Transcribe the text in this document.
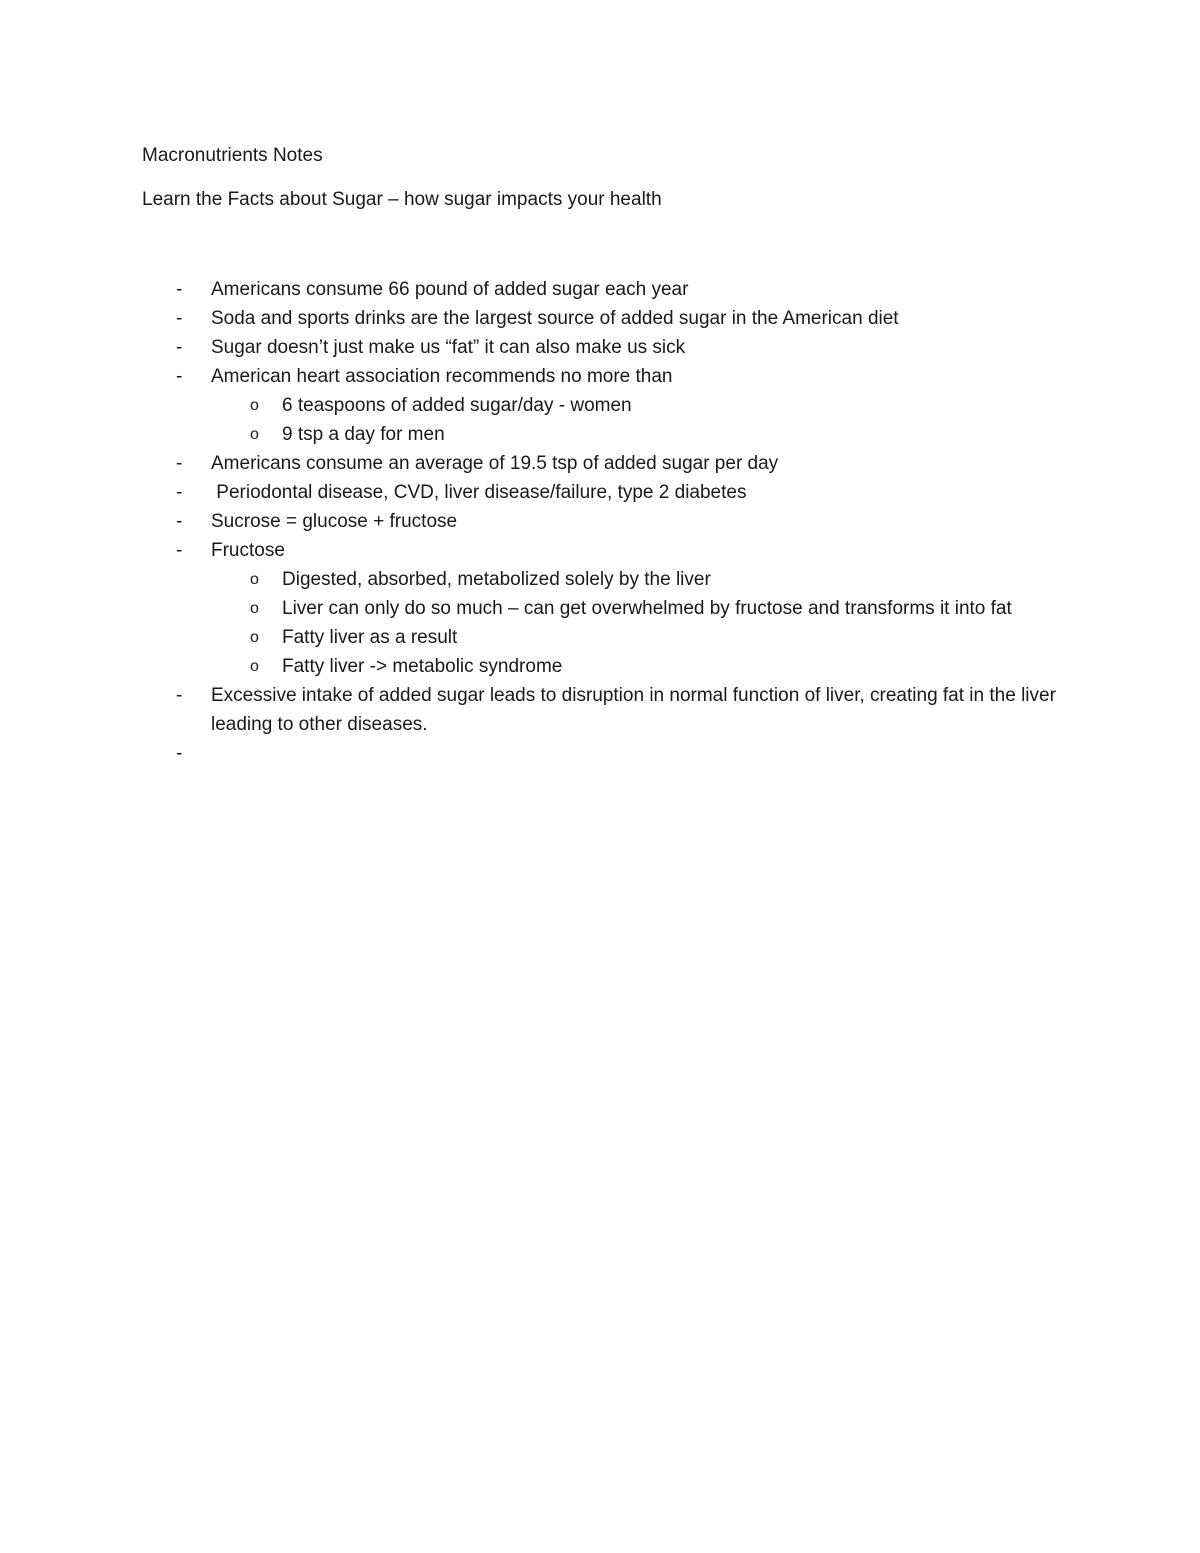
Macronutrients Notes
Learn the Facts about Sugar – how sugar impacts your health
- Americans consume 66 pound of added sugar each year
- Soda and sports drinks are the largest source of added sugar in the American diet
- Sugar doesn’t just make us “fat” it can also make us sick
- American heart association recommends no more than
o 6 teaspoons of added sugar/day - women
o 9 tsp a day for men
- Americans consume an average of 19.5 tsp of added sugar per day
- Periodontal disease, CVD, liver disease/failure, type 2 diabetes
- Sucrose = glucose + fructose
- Fructose
o Digested, absorbed, metabolized solely by the liver
o Liver can only do so much – can get overwhelmed by fructose and transforms it into fat
o Fatty liver as a result
o Fatty liver -> metabolic syndrome
- Excessive intake of added sugar leads to disruption in normal function of liver, creating fat in the liver leading to other diseases.
-
